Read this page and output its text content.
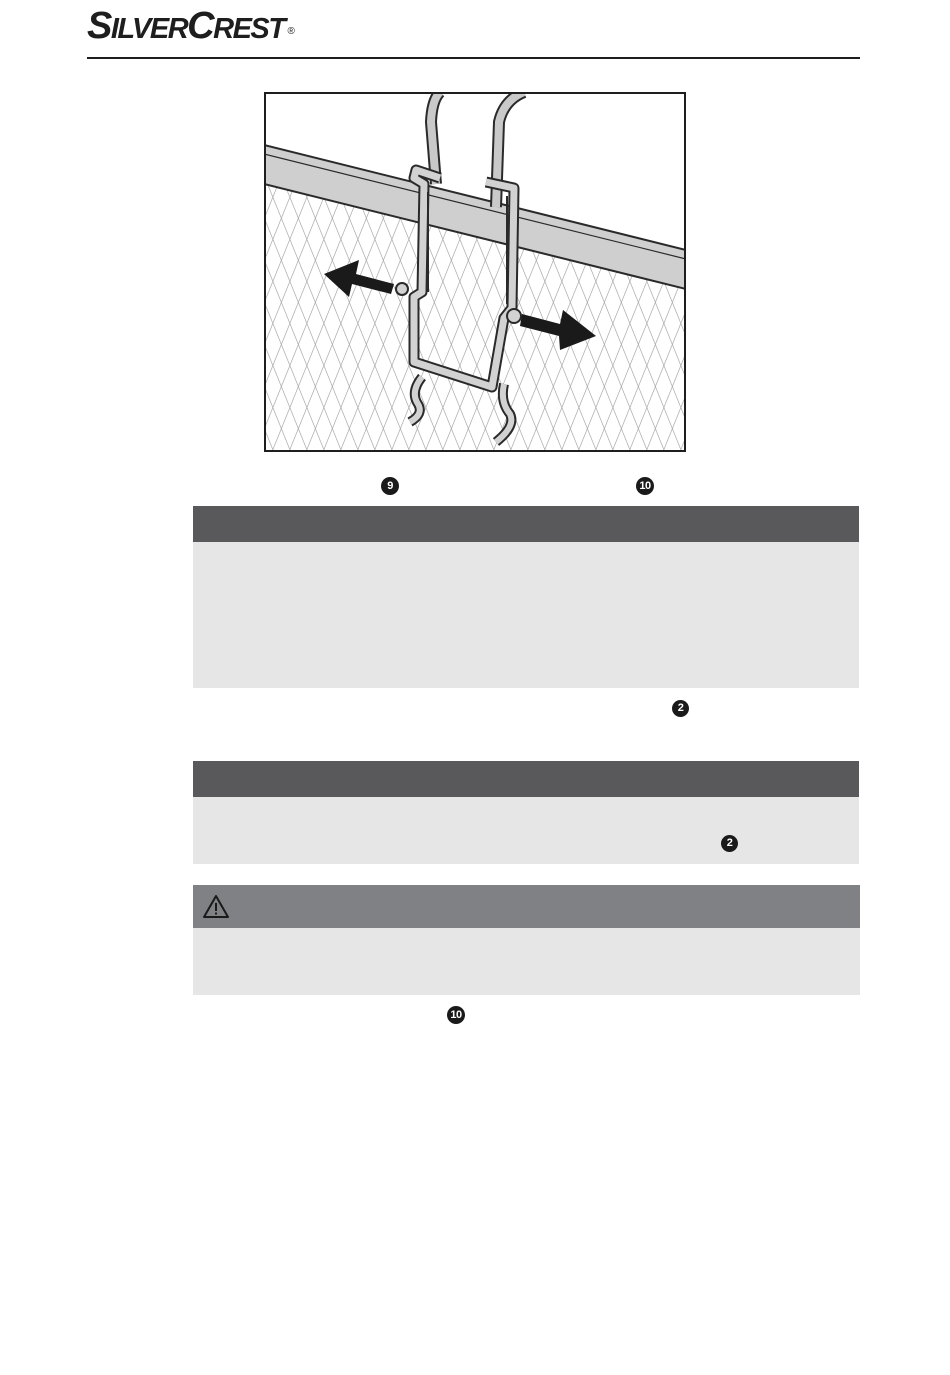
SILVERCREST ®
9	10
2
2
10
